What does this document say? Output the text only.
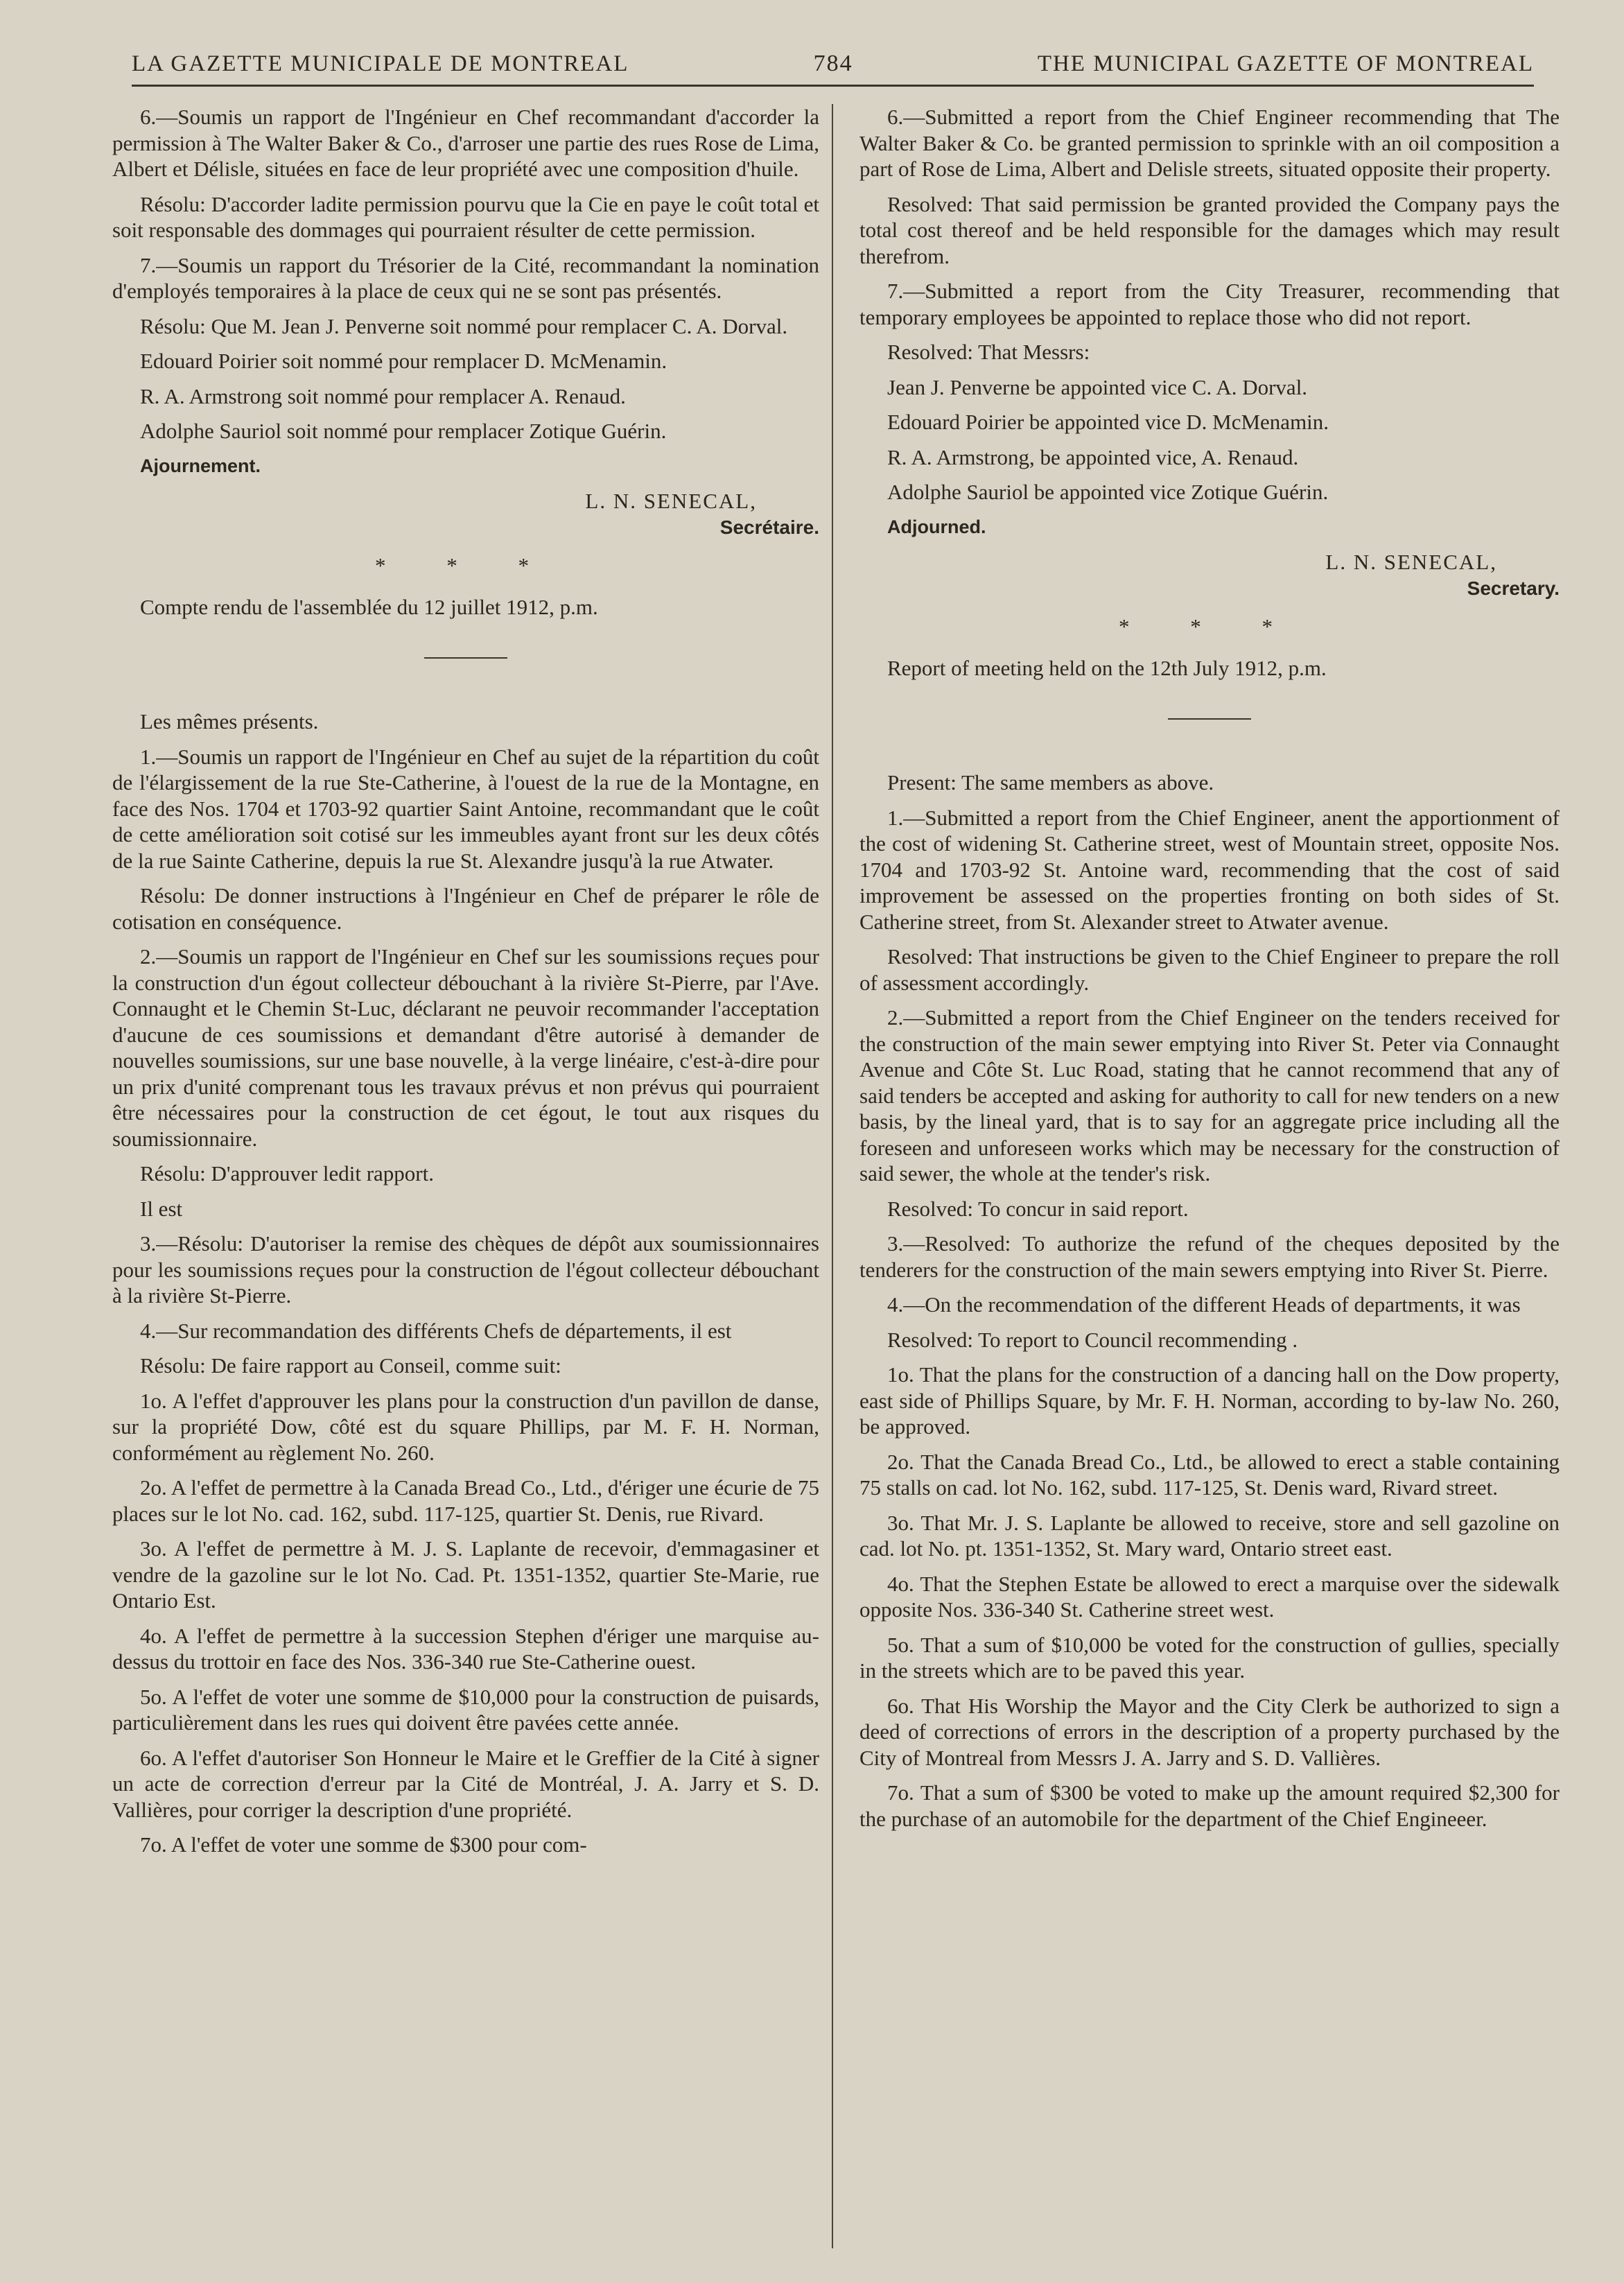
LA GAZETTE MUNICIPALE DE MONTREAL	784	THE MUNICIPAL GAZETTE OF MONTREAL

6.—Soumis un rapport de l'Ingénieur en Chef recommandant d'accorder la permission à The Walter Baker & Co., d'arroser une partie des rues Rose de Lima, Albert et Délisle, situées en face de leur propriété avec une composition d'huile.

Résolu: D'accorder ladite permission pourvu que la Cie en paye le coût total et soit responsable des dommages qui pourraient résulter de cette permission.

7.—Soumis un rapport du Trésorier de la Cité, recommandant la nomination d'employés temporaires à la place de ceux qui ne se sont pas présentés.

Résolu: Que M. Jean J. Penverne soit nommé pour remplacer C. A. Dorval.

Edouard Poirier soit nommé pour remplacer D. McMenamin.

R. A. Armstrong soit nommé pour remplacer A. Renaud.

Adolphe Sauriol soit nommé pour remplacer Zotique Guérin.

Ajournement.

L. N. SENECAL,

Secrétaire.

* * *

Compte rendu de l'assemblée du 12 juillet 1912, p.m.

Les mêmes présents.

1.—Soumis un rapport de l'Ingénieur en Chef au sujet de la répartition du coût de l'élargissement de la rue Ste-Catherine, à l'ouest de la rue de la Montagne, en face des Nos. 1704 et 1703-92 quartier Saint Antoine, recommandant que le coût de cette amélioration soit cotisé sur les immeubles ayant front sur les deux côtés de la rue Sainte Catherine, depuis la rue St. Alexandre jusqu'à la rue Atwater.

Résolu: De donner instructions à l'Ingénieur en Chef de préparer le rôle de cotisation en conséquence.

2.—Soumis un rapport de l'Ingénieur en Chef sur les soumissions reçues pour la construction d'un égout collecteur débouchant à la rivière St-Pierre, par l'Ave. Connaught et le Chemin St-Luc, déclarant ne peuvoir recommander l'acceptation d'aucune de ces soumissions et demandant d'être autorisé à demander de nouvelles soumissions, sur une base nouvelle, à la verge linéaire, c'est-à-dire pour un prix d'unité comprenant tous les travaux prévus et non prévus qui pourraient être nécessaires pour la construction de cet égout, le tout aux risques du soumissionnaire.

Résolu: D'approuver ledit rapport.

Il est

3.—Résolu: D'autoriser la remise des chèques de dépôt aux soumissionnaires pour les soumissions reçues pour la construction de l'égout collecteur débouchant à la rivière St-Pierre.

4.—Sur recommandation des différents Chefs de départements, il est

Résolu: De faire rapport au Conseil, comme suit:

1o. A l'effet d'approuver les plans pour la construction d'un pavillon de danse, sur la propriété Dow, côté est du square Phillips, par M. F. H. Norman, conformément au règlement No. 260.

2o. A l'effet de permettre à la Canada Bread Co., Ltd., d'ériger une écurie de 75 places sur le lot No. cad. 162, subd. 117-125, quartier St. Denis, rue Rivard.

3o. A l'effet de permettre à M. J. S. Laplante de recevoir, d'emmagasiner et vendre de la gazoline sur le lot No. Cad. Pt. 1351-1352, quartier Ste-Marie, rue Ontario Est.

4o. A l'effet de permettre à la succession Stephen d'ériger une marquise au-dessus du trottoir en face des Nos. 336-340 rue Ste-Catherine ouest.

5o. A l'effet de voter une somme de $10,000 pour la construction de puisards, particulièrement dans les rues qui doivent être pavées cette année.

6o. A l'effet d'autoriser Son Honneur le Maire et le Greffier de la Cité à signer un acte de correction d'erreur par la Cité de Montréal, J. A. Jarry et S. D. Vallières, pour corriger la description d'une propriété.

7o. A l'effet de voter une somme de $300 pour com-

6.—Submitted a report from the Chief Engineer recommending that The Walter Baker & Co. be granted permission to sprinkle with an oil composition a part of Rose de Lima, Albert and Delisle streets, situated opposite their property.

Resolved: That said permission be granted provided the Company pays the total cost thereof and be held responsible for the damages which may result therefrom.

7.—Submitted a report from the City Treasurer, recommending that temporary employees be appointed to replace those who did not report.

Resolved: That Messrs:

Jean J. Penverne be appointed vice C. A. Dorval.

Edouard Poirier be appointed vice D. McMenamin.

R. A. Armstrong, be appointed vice, A. Renaud.

Adolphe Sauriol be appointed vice Zotique Guérin.

Adjourned.

L. N. SENECAL,

Secretary.

* * *

Report of meeting held on the 12th July 1912, p.m.

Present: The same members as above.

1.—Submitted a report from the Chief Engineer, anent the apportionment of the cost of widening St. Catherine street, west of Mountain street, opposite Nos. 1704 and 1703-92 St. Antoine ward, recommending that the cost of said improvement be assessed on the properties fronting on both sides of St. Catherine street, from St. Alexander street to Atwater avenue.

Resolved: That instructions be given to the Chief Engineer to prepare the roll of assessment accordingly.

2.—Submitted a report from the Chief Engineer on the tenders received for the construction of the main sewer emptying into River St. Peter via Connaught Avenue and Côte St. Luc Road, stating that he cannot recommend that any of said tenders be accepted and asking for authority to call for new tenders on a new basis, by the lineal yard, that is to say for an aggregate price including all the foreseen and unforeseen works which may be necessary for the construction of said sewer, the whole at the tender's risk.

Resolved: To concur in said report.

3.—Resolved: To authorize the refund of the cheques deposited by the tenderers for the construction of the main sewers emptying into River St. Pierre.

4.—On the recommendation of the different Heads of departments, it was

Resolved: To report to Council recommending .

1o. That the plans for the construction of a dancing hall on the Dow property, east side of Phillips Square, by Mr. F. H. Norman, according to by-law No. 260, be approved.

2o. That the Canada Bread Co., Ltd., be allowed to erect a stable containing 75 stalls on cad. lot No. 162, subd. 117-125, St. Denis ward, Rivard street.

3o. That Mr. J. S. Laplante be allowed to receive, store and sell gazoline on cad. lot No. pt. 1351-1352, St. Mary ward, Ontario street east.

4o. That the Stephen Estate be allowed to erect a marquise over the sidewalk opposite Nos. 336-340 St. Catherine street west.

5o. That a sum of $10,000 be voted for the construction of gullies, specially in the streets which are to be paved this year.

6o. That His Worship the Mayor and the City Clerk be authorized to sign a deed of corrections of errors in the description of a property purchased by the City of Montreal from Messrs J. A. Jarry and S. D. Vallières.

7o. That a sum of $300 be voted to make up the amount required $2,300 for the purchase of an automobile for the department of the Chief Engineeer.
